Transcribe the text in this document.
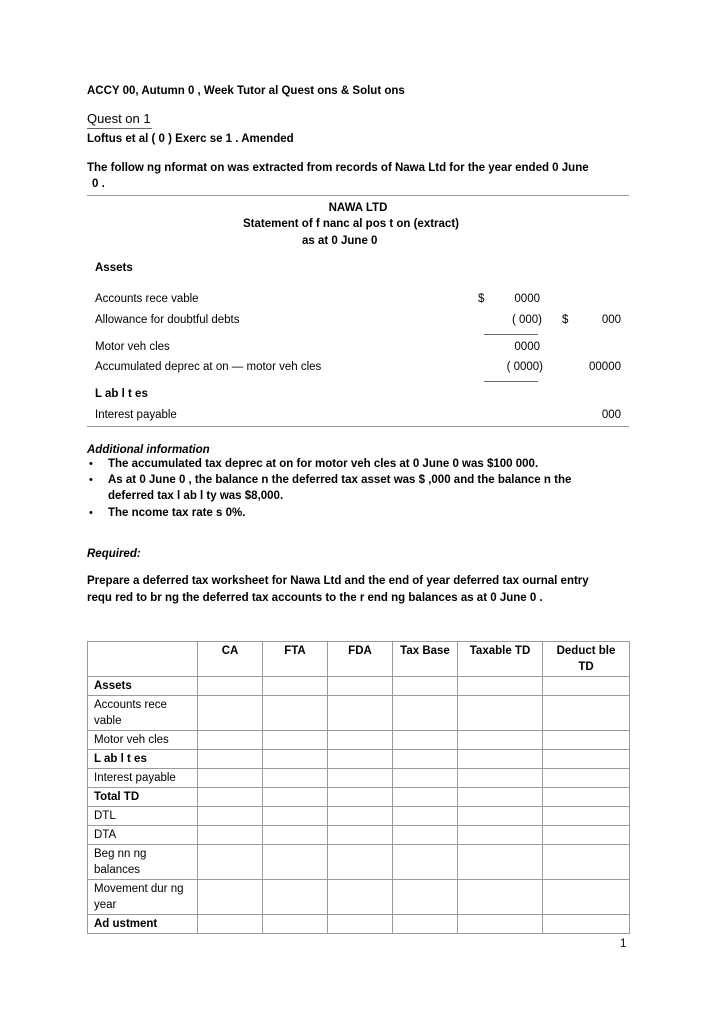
ACCY 00, Autumn 0 , Week Tutor al Quest ons & Solut ons
Quest on 1
Loftus et al ( 0 ) Exerc se 1 . Amended
The follow ng nformat on was extracted from records of Nawa Ltd for the year ended 0 June
0 .
NAWA LTD
Statement of f nanc al pos t on (extract)
as at 0 June 0
Assets
Accounts rece vable	$	0000
Allowance for doubtful debts	( 000) $	000
Motor veh cles	0000
Accumulated deprec at on — motor veh cles	( 0000)	00000
L ab l t es
Interest payable	000
Additional information
• The accumulated tax deprec at on for motor veh cles at 0 June 0 was $100 000.
• As at 0 June 0 , the balance n the deferred tax asset was $ ,000 and the balance n the
deferred tax l ab l ty was $8,000.
• The ncome tax rate s 0%.
Required:
Prepare a deferred tax worksheet for Nawa Ltd and the end of year deferred tax ournal entry
requ red to br ng the deferred tax accounts to the r end ng balances as at 0 June 0 .
	CA	FTA	FDA	Tax Base	Taxable TD	Deduct ble TD
Assets						
Accounts rece vable						
Motor veh cles						
L ab l t es						
Interest payable						
Total TD						
DTL						
DTA						
Beg nn ng balances						
Movement dur ng year						
Ad ustment						
1
